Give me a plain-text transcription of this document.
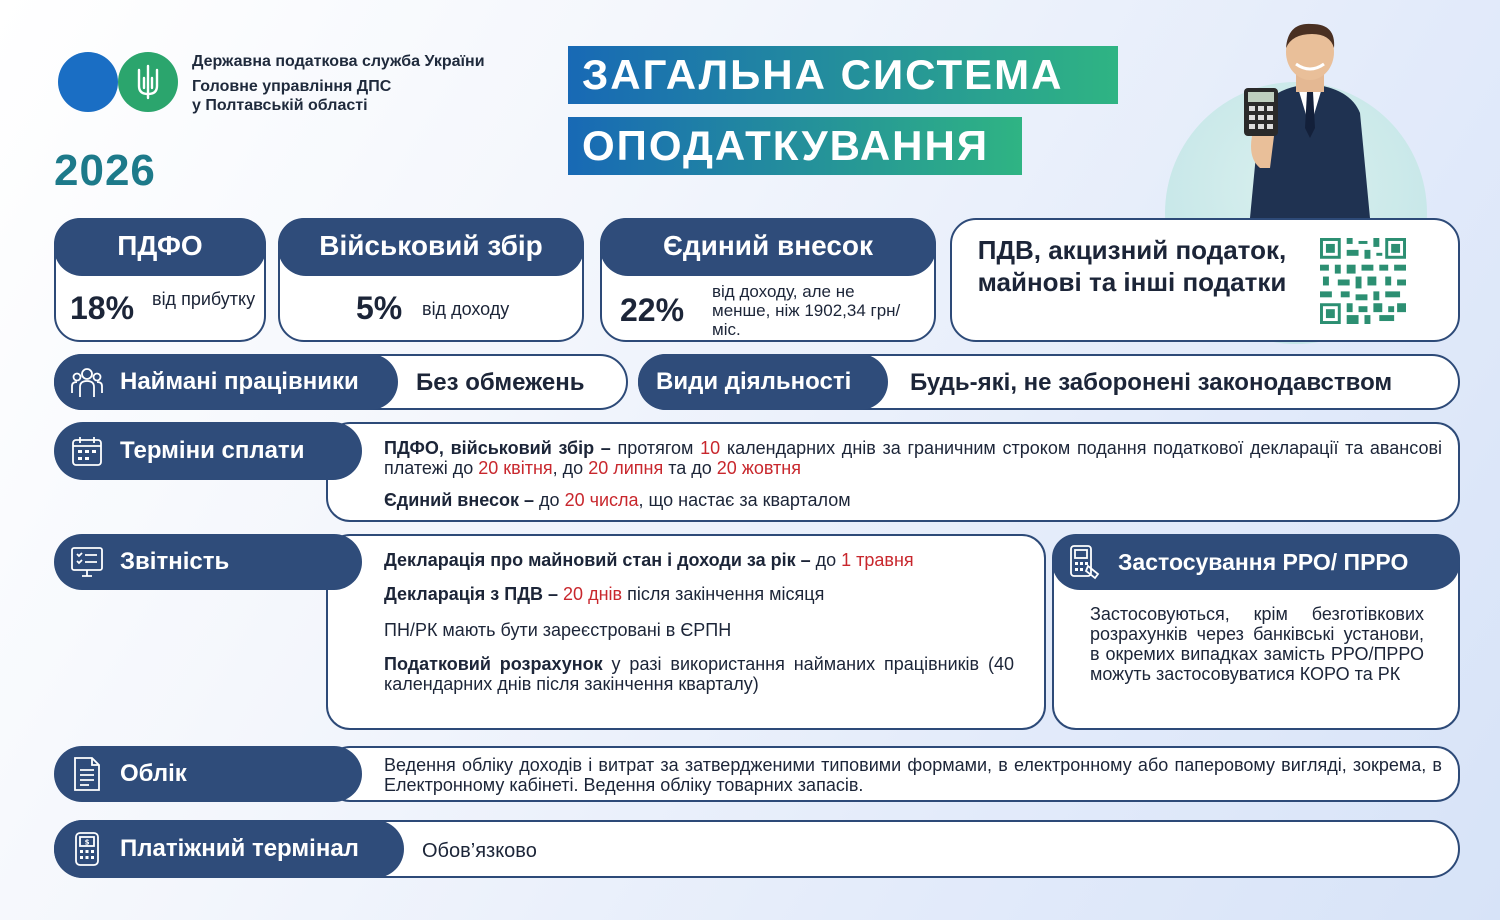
Державна податкова служба України
Головне управління ДПС
у Полтавській області
2026
ЗАГАЛЬНА СИСТЕМА
ОПОДАТКУВАННЯ
ПДФО
18% від прибутку
Військовий збір
5% від доходу
Єдиний внесок
22%
від доходу, але не менше, ніж 1902,34 грн/міс.
ПДВ, акцизний податок, майнові та інші податки
Наймані працівники Без обмежень	Види діяльності Будь-які, не заборонені законодавством
ПДФО, військовий збір – протягом 10 календарних днів за граничним строком подання податкової декларації та авансові платежі до 20 квітня, до 20 липня та до 20 жовтня
Єдиний внесок – до 20 числа, що настає за кварталом
Терміни сплати
Декларація про майновий стан і доходи за рік – до 1 травня
Декларація з ПДВ – 20 днів після закінчення місяця
ПН/РК мають бути зареєстровані в ЄРПН
Податковий розрахунок у разі використання найманих працівників (40 календарних днів після закінчення кварталу)
Звітність
Застосовуються, крім безготівкових розрахунків через банківські установи, в окремих випадках замість РРО/ПРРО можуть застосовуватися КОРО та РК
Застосування РРО/ ПРРО
Ведення обліку доходів і витрат за затвердженими типовими формами, в електронному або паперовому вигляді, зокрема, в Електронному кабінеті. Ведення обліку товарних запасів.
Облік
$ Платіжний термінал	Обов’язково
